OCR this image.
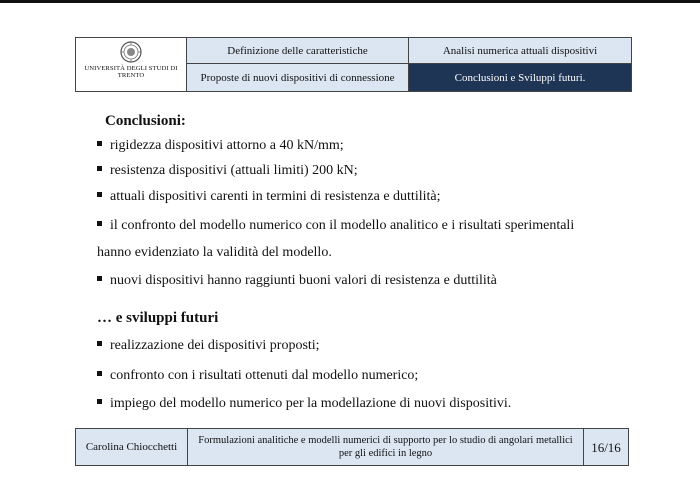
UNIVERSITÀ DEGLI STUDI DI TRENTO
Definizione delle caratteristiche	Analisi numerica attuali dispositivi
Proposte di nuovi dispositivi di connessione	Conclusioni e Sviluppi futuri.
Conclusioni:
rigidezza dispositivi attorno a 40 kN/mm;
resistenza dispositivi (attuali limiti) 200 kN;
attuali dispositivi carenti in termini di resistenza e duttilità;
il confronto del modello numerico con il modello analitico e i risultati sperimentali
hanno evidenziato la validità del modello.
nuovi dispositivi hanno raggiunti buoni valori di resistenza e duttilità
… e sviluppi futuri
realizzazione dei dispositivi proposti;
confronto con i risultati ottenuti dal modello numerico;
impiego del modello numerico per la modellazione di nuovi dispositivi.
Carolina Chiocchetti	Formulazioni analitiche e modelli numerici di supporto per lo studio di angolari metallici per gli edifici in legno	16/16
